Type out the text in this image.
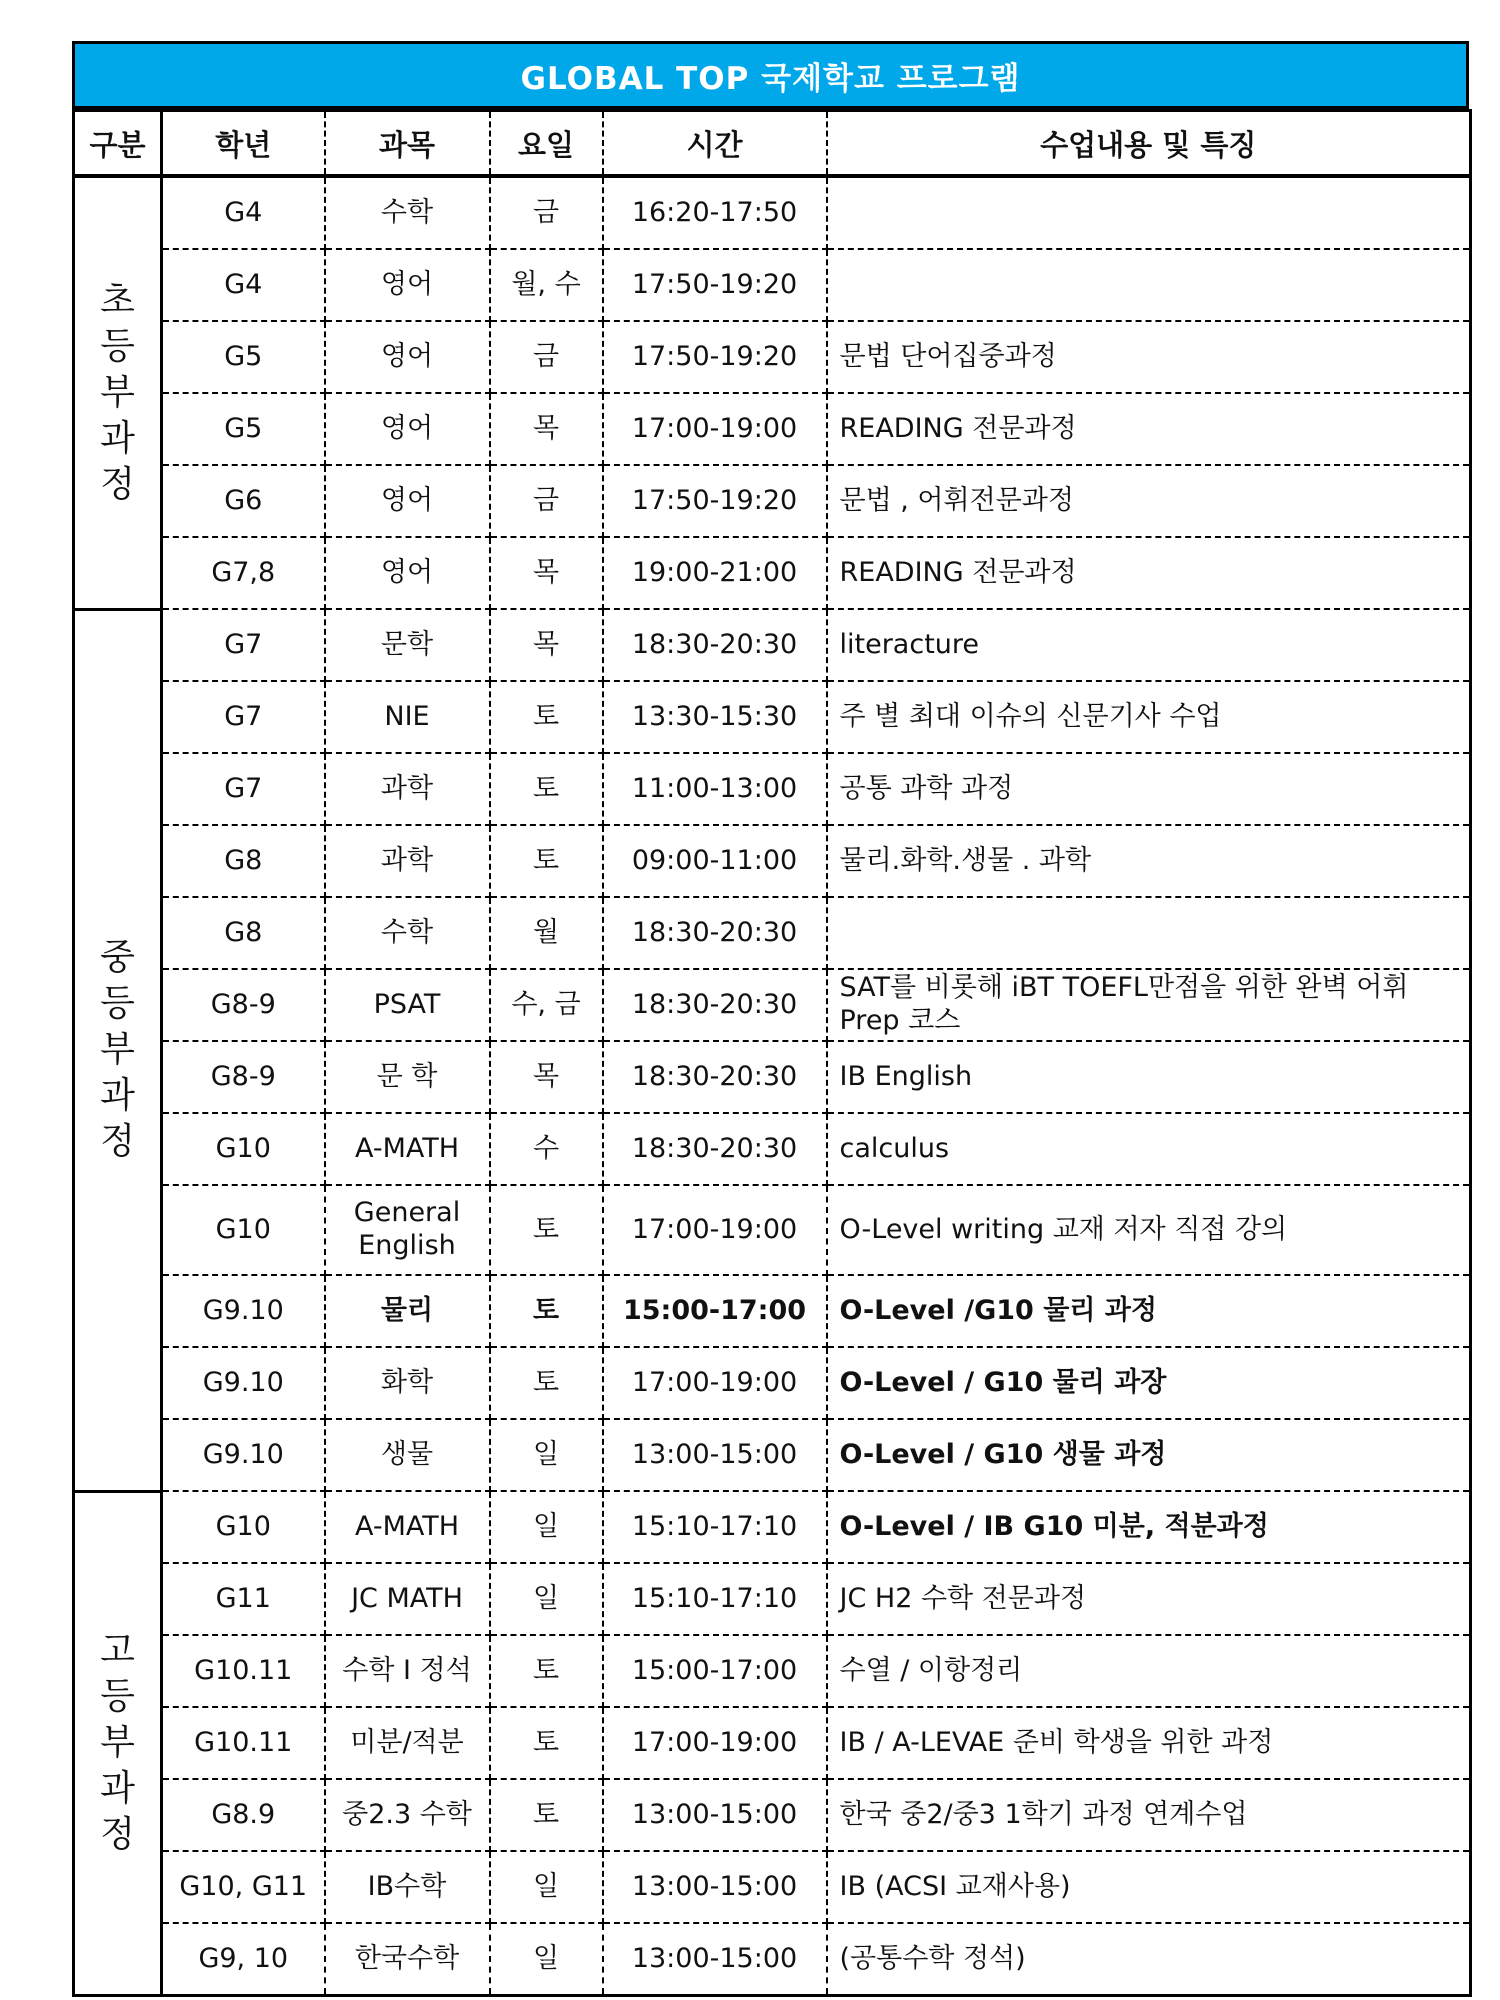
GLOBAL TOP 국제학교 프로그램
구분	학년	과목	요일	시간	수업내용 및 특징

초
등
부
과
정	G4	수학	금	16:20-17:50	
	G4	영어	월, 수	17:50-19:20	
	G5	영어	금	17:50-19:20	문법 단어집중과정
	G5	영어	목	17:00-19:00	READING 전문과정
	G6	영어	금	17:50-19:20	문법 , 어휘전문과정
	G7,8	영어	목	19:00-21:00	READING 전문과정

중
등
부
과
정	G7	문학	목	18:30-20:30	literacture
	G7	NIE	토	13:30-15:30	주 별 최대 이슈의 신문기사 수업
	G7	과학	토	11:00-13:00	공통 과학 과정
	G8	과학	토	09:00-11:00	물리.화학.생물 . 과학
	G8	수학	월	18:30-20:30	
	G8-9	PSAT	수, 금	18:30-20:30	SAT를 비롯해 iBT TOEFL만점을 위한 완벽 어휘 Prep 코스
	G8-9	문 학	목	18:30-20:30	IB English
	G10	A-MATH	수	18:30-20:30	calculus
	G10	General English	토	17:00-19:00	O-Level writing 교재 저자 직접 강의
	G9.10	물리	토	15:00-17:00	O-Level /G10 물리 과정
	G9.10	화학	토	17:00-19:00	O-Level / G10 물리 과장
	G9.10	생물	일	13:00-15:00	O-Level / G10 생물 과정

고
등
부
과
정	G10	A-MATH	일	15:10-17:10	O-Level / IB G10 미분, 적분과정
	G11	JC MATH	일	15:10-17:10	JC H2 수학 전문과정
	G10.11	수학 I 정석	토	15:00-17:00	수열 / 이항정리
	G10.11	미분/적분	토	17:00-19:00	IB / A-LEVAE 준비 학생을 위한 과정
	G8.9	중2.3 수학	토	13:00-15:00	한국 중2/중3 1학기 과정 연계수업
	G10, G11	IB수학	일	13:00-15:00	IB (ACSI 교재사용)
	G9, 10	한국수학	일	13:00-15:00	(공통수학 정석)
